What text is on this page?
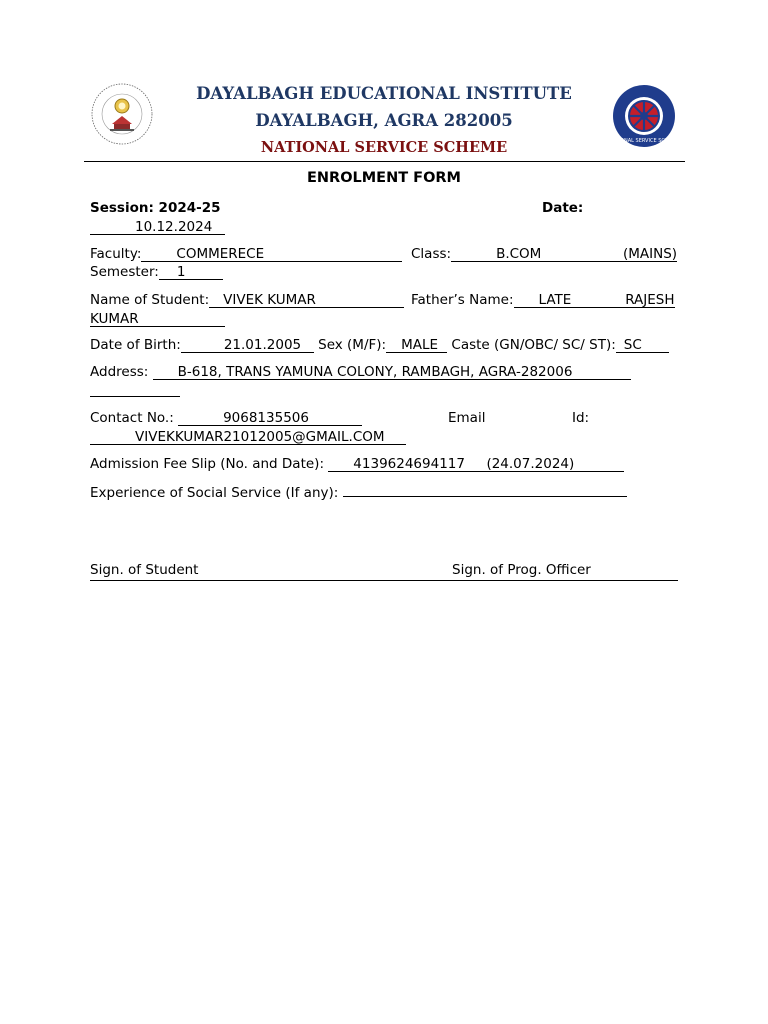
NATIONAL SERVICE SCHEME
DAYALBAGH EDUCATIONAL INSTITUTE
DAYALBAGH, AGRA 282005
NATIONAL SERVICE SCHEME
ENROLMENT FORM
Session: 2024-25	Date:
10.12.2024
Faculty:	COMMERECE	Class:	B.COM	(MAINS)
Semester: 1
Name of Student: VIVEK KUMAR	Father’s Name: LATE	RAJESH
KUMAR
Date of Birth:	21.01.2005 Sex (M/F): MALE Caste (GN/OBC/ SC/ ST): SC
Address: B-618, TRANS YAMUNA COLONY, RAMBAGH, AGRA-282006
Contact No.:	9068135506	Email	Id:
VIVEKKUMAR21012005@GMAIL.COM
Admission Fee Slip (No. and Date): 4139624694117 (24.07.2024)
Experience of Social Service (If any):
Sign. of Student	Sign. of Prog. Officer
